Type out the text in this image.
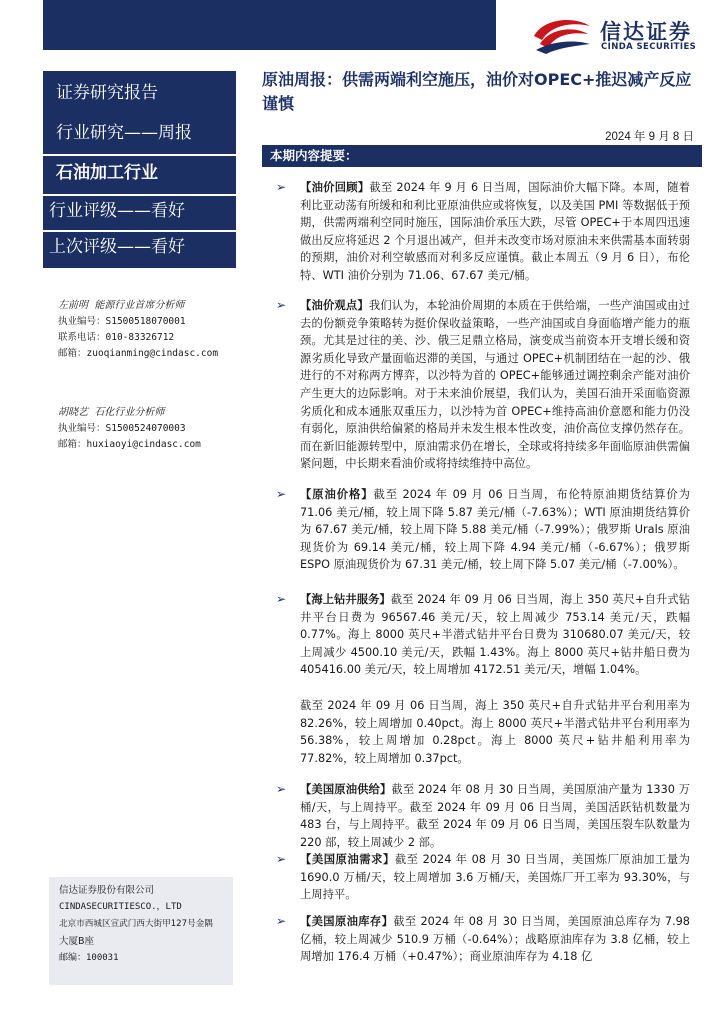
信达证券
CINDA SECURITIES
证券研究报告
行业研究——周报
石油加工行业
行业评级——看好
上次评级——看好
左前明 能源行业首席分析师
执业编号：S1500518070001
联系电话：010-83326712
邮箱：zuoqianming@cindasc.com
胡晓艺 石化行业分析师
执业编号：S1500524070003
邮箱：huxiaoyi@cindasc.com
信达证券股份有限公司
CINDASECURITIESCO.，LTD
北京市西城区宣武门西大街甲127号金隅
大厦B座
邮编：100031
原油周报：供需两端利空施压，油价对OPEC+推迟减产反应谨慎
2024 年 9 月 8 日
本期内容提要：
➢ 【油价回顾】截至 2024 年 9 月 6 日当周，国际油价大幅下降。本周，随着利比亚动荡有所缓和和利比亚原油供应或将恢复，以及美国 PMI 等数据低于预期，供需两端利空同时施压，国际油价承压大跌，尽管 OPEC+于本周四迅速做出反应将延迟 2 个月退出减产，但并未改变市场对原油未来供需基本面转弱的预期，油价对利空敏感而对利多反应谨慎。截止本周五（9 月 6 日），布伦特、WTI 油价分别为 71.06、67.67 美元/桶。
➢ 【油价观点】我们认为，本轮油价周期的本质在于供给端，一些产油国或由过去的份额竞争策略转为挺价保收益策略，一些产油国或自身面临增产能力的瓶颈。尤其是过往的美、沙、俄三足鼎立格局，演变成当前资本开支增长缓和资源劣质化导致产量面临迟滞的美国，与通过 OPEC+机制团结在一起的沙、俄进行的不对称两方博弈，以沙特为首的 OPEC+能够通过调控剩余产能对油价产生更大的边际影响。对于未来油价展望，我们认为，美国石油开采面临资源劣质化和成本通胀双重压力，以沙特为首 OPEC+维持高油价意愿和能力仍没有弱化，原油供给偏紧的格局并未发生根本性改变，油价高位支撑仍然存在。而在新旧能源转型中，原油需求仍在增长，全球或将持续多年面临原油供需偏紧问题，中长期来看油价或将持续维持中高位。
➢ 【原油价格】截至 2024 年 09 月 06 日当周，布伦特原油期货结算价为 71.06 美元/桶，较上周下降 5.87 美元/桶（-7.63%）；WTI 原油期货结算价为 67.67 美元/桶，较上周下降 5.88 美元/桶（-7.99%）；俄罗斯 Urals 原油现货价为 69.14 美元/桶，较上周下降 4.94 美元/桶（-6.67%）；俄罗斯 ESPO 原油现货价为 67.31 美元/桶，较上周下降 5.07 美元/桶（-7.00%）。
➢ 【海上钻井服务】截至 2024 年 09 月 06 日当周，海上 350 英尺+自升式钻井平台日费为 96567.46 美元/天，较上周减少 753.14 美元/天，跌幅 0.77%。海上 8000 英尺+半潜式钻井平台日费为 310680.07 美元/天，较上周减少 4500.10 美元/天，跌幅 1.43%。海上 8000 英尺+钻井船日费为 405416.00 美元/天，较上周增加 4172.51 美元/天，增幅 1.04%。
截至 2024 年 09 月 06 日当周，海上 350 英尺+自升式钻井平台利用率为 82.26%，较上周增加 0.40pct。海上 8000 英尺+半潜式钻井平台利用率为 56.38%，较上周增加 0.28pct。海上 8000 英尺+钻井船利用率为 77.82%，较上周增加 0.37pct。
➢ 【美国原油供给】截至 2024 年 08 月 30 日当周，美国原油产量为 1330 万桶/天，与上周持平。截至 2024 年 09 月 06 日当周，美国活跃钻机数量为 483 台，与上周持平。截至 2024 年 09 月 06 日当周，美国压裂车队数量为 220 部，较上周减少 2 部。
➢ 【美国原油需求】截至 2024 年 08 月 30 日当周，美国炼厂原油加工量为 1690.0 万桶/天，较上周增加 3.6 万桶/天，美国炼厂开工率为 93.30%，与上周持平。
➢ 【美国原油库存】截至 2024 年 08 月 30 日当周，美国原油总库存为 7.98 亿桶，较上周减少 510.9 万桶（-0.64%）；战略原油库存为 3.8 亿桶，较上周增加 176.4 万桶（+0.47%）；商业原油库存为 4.18 亿
